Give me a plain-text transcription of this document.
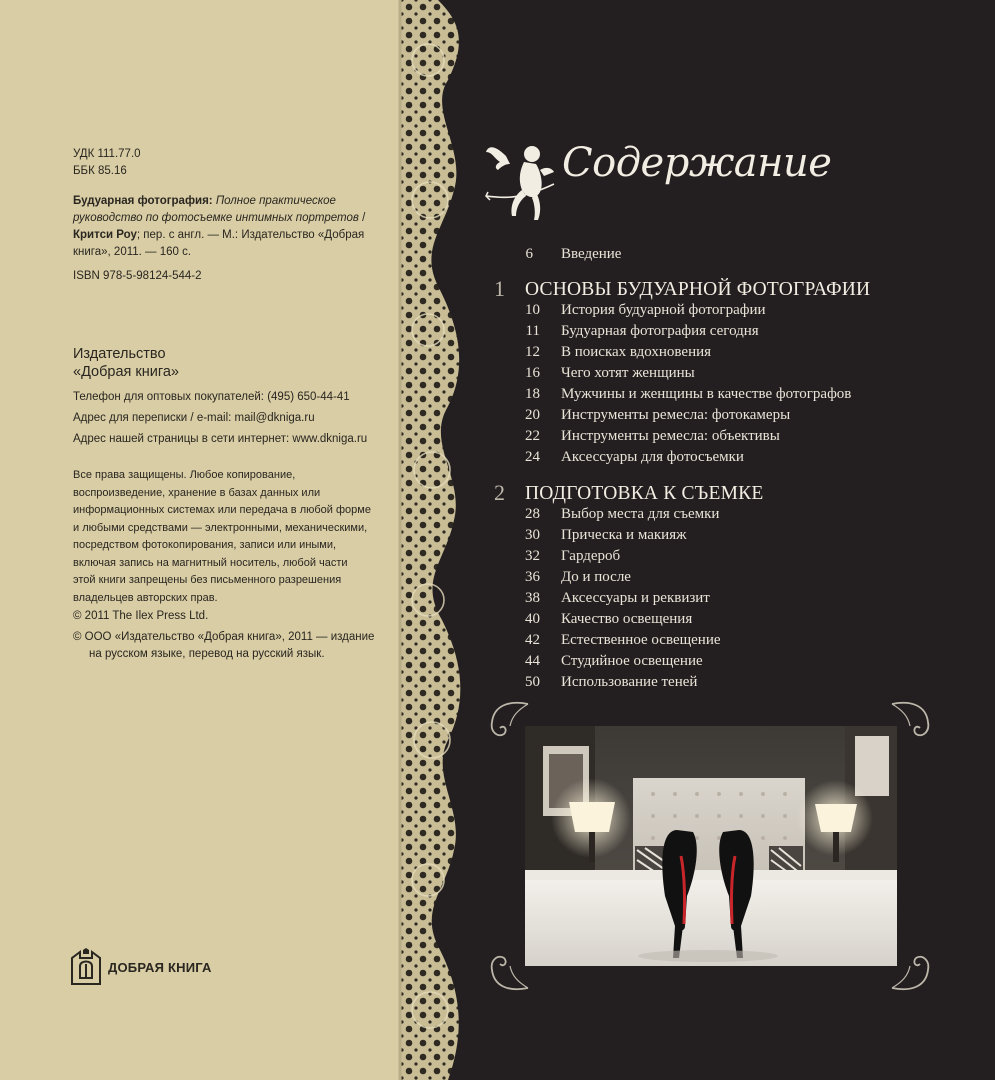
УДК 111.77.0
ББК 85.16
Будуарная фотография: Полное практическое руководство по фотосъемке интимных портретов / Критси Роу; пер. с англ. — М.: Издательство «Добрая книга», 2011. — 160 с.
ISBN 978-5-98124-544-2
Издательство
«Добрая книга»
Телефон для оптовых покупателей: (495) 650-44-41
Адрес для переписки / e-mail: mail@dkniga.ru
Адрес нашей страницы в сети интернет: www.dkniga.ru
Все права защищены. Любое копирование, воспроизведение, хранение в базах данных или информационных системах или передача в любой форме и любыми средствами — электронными, механическими, посредством фотокопирования, записи или иными, включая запись на магнитный носитель, любой части этой книги запрещены без письменного разрешения владельцев авторских прав.
© 2011 The Ilex Press Ltd.
© ООО «Издательство «Добрая книга», 2011 — издание на русском языке, перевод на русский язык.
ДОБРАЯ КНИГА
Содержание
6 Введение
1 ОСНОВЫ БУДУАРНОЙ ФОТОГРАФИИ
10 История будуарной фотографии
11 Будуарная фотография сегодня
12 В поисках вдохновения
16 Чего хотят женщины
18 Мужчины и женщины в качестве фотографов
20 Инструменты ремесла: фотокамеры
22 Инструменты ремесла: объективы
24 Аксессуары для фотосъемки
2 ПОДГОТОВКА К СЪЕМКЕ
28 Выбор места для съемки
30 Прическа и макияж
32 Гардероб
36 До и после
38 Аксессуары и реквизит
40 Качество освещения
42 Естественное освещение
44 Студийное освещение
50 Использование теней
